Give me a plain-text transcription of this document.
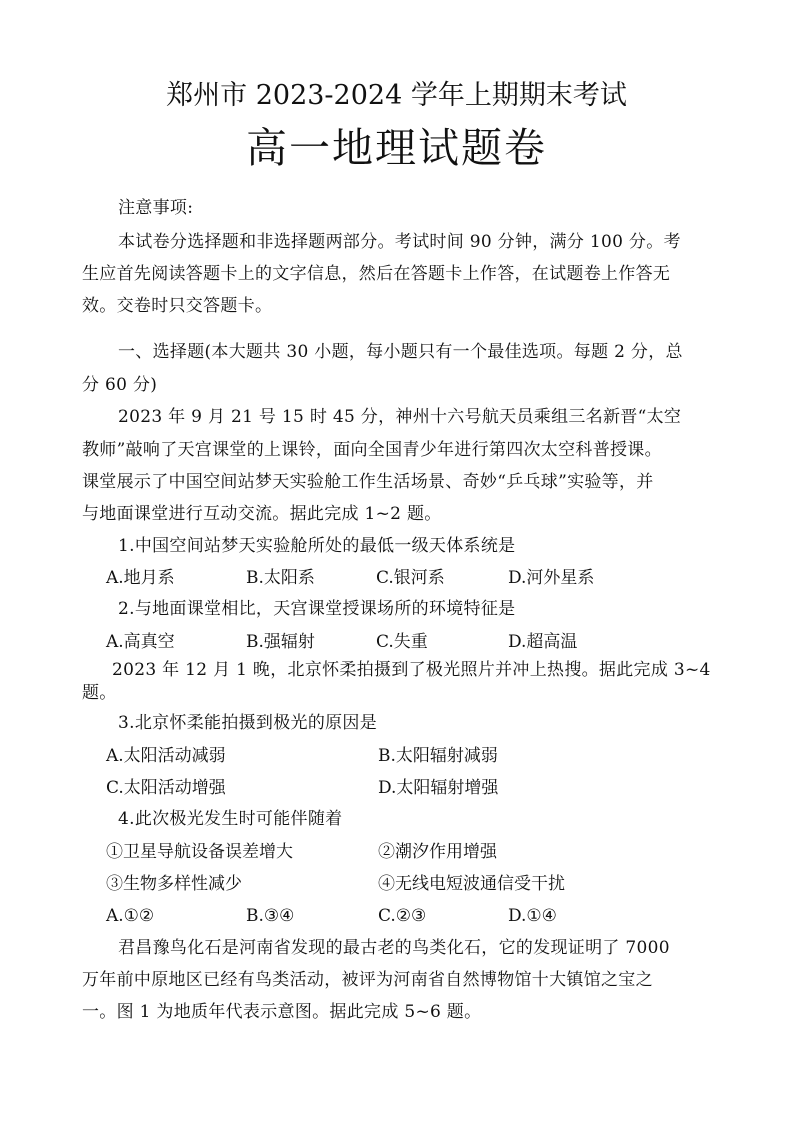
郑州市 2023-2024 学年上期期末考试
高一地理试题卷
注意事项:
本试卷分选择题和非选择题两部分。考试时间 90 分钟，满分 100 分。考
生应首先阅读答题卡上的文字信息，然后在答题卡上作答，在试题卷上作答无
效。交卷时只交答题卡。
一、选择题(本大题共 30 小题，每小题只有一个最佳选项。每题 2 分，总
分 60 分)
2023 年 9 月 21 号 15 时 45 分，神州十六号航天员乘组三名新晋“太空
教师”敲响了天宫课堂的上课铃，面向全国青少年进行第四次太空科普授课。
课堂展示了中国空间站梦天实验舱工作生活场景、奇妙“乒乓球”实验等，并
与地面课堂进行互动交流。据此完成 1~2 题。
1.中国空间站梦天实验舱所处的最低一级天体系统是
A.地月系	B.太阳系	C.银河系	D.河外星系
2.与地面课堂相比，天宫课堂授课场所的环境特征是
A.高真空	B.强辐射	C.失重	D.超高温
2023 年 12 月 1 晚，北京怀柔拍摄到了极光照片并冲上热搜。据此完成 3~4
题。
3.北京怀柔能拍摄到极光的原因是
A.太阳活动减弱	B.太阳辐射减弱
C.太阳活动增强	D.太阳辐射增强
4.此次极光发生时可能伴随着
①卫星导航设备误差增大	②潮汐作用增强
③生物多样性减少	④无线电短波通信受干扰
A.①②	B.③④	C.②③	D.①④
君昌豫鸟化石是河南省发现的最古老的鸟类化石，它的发现证明了 7000
万年前中原地区已经有鸟类活动，被评为河南省自然博物馆十大镇馆之宝之
一。图 1 为地质年代表示意图。据此完成 5~6 题。
